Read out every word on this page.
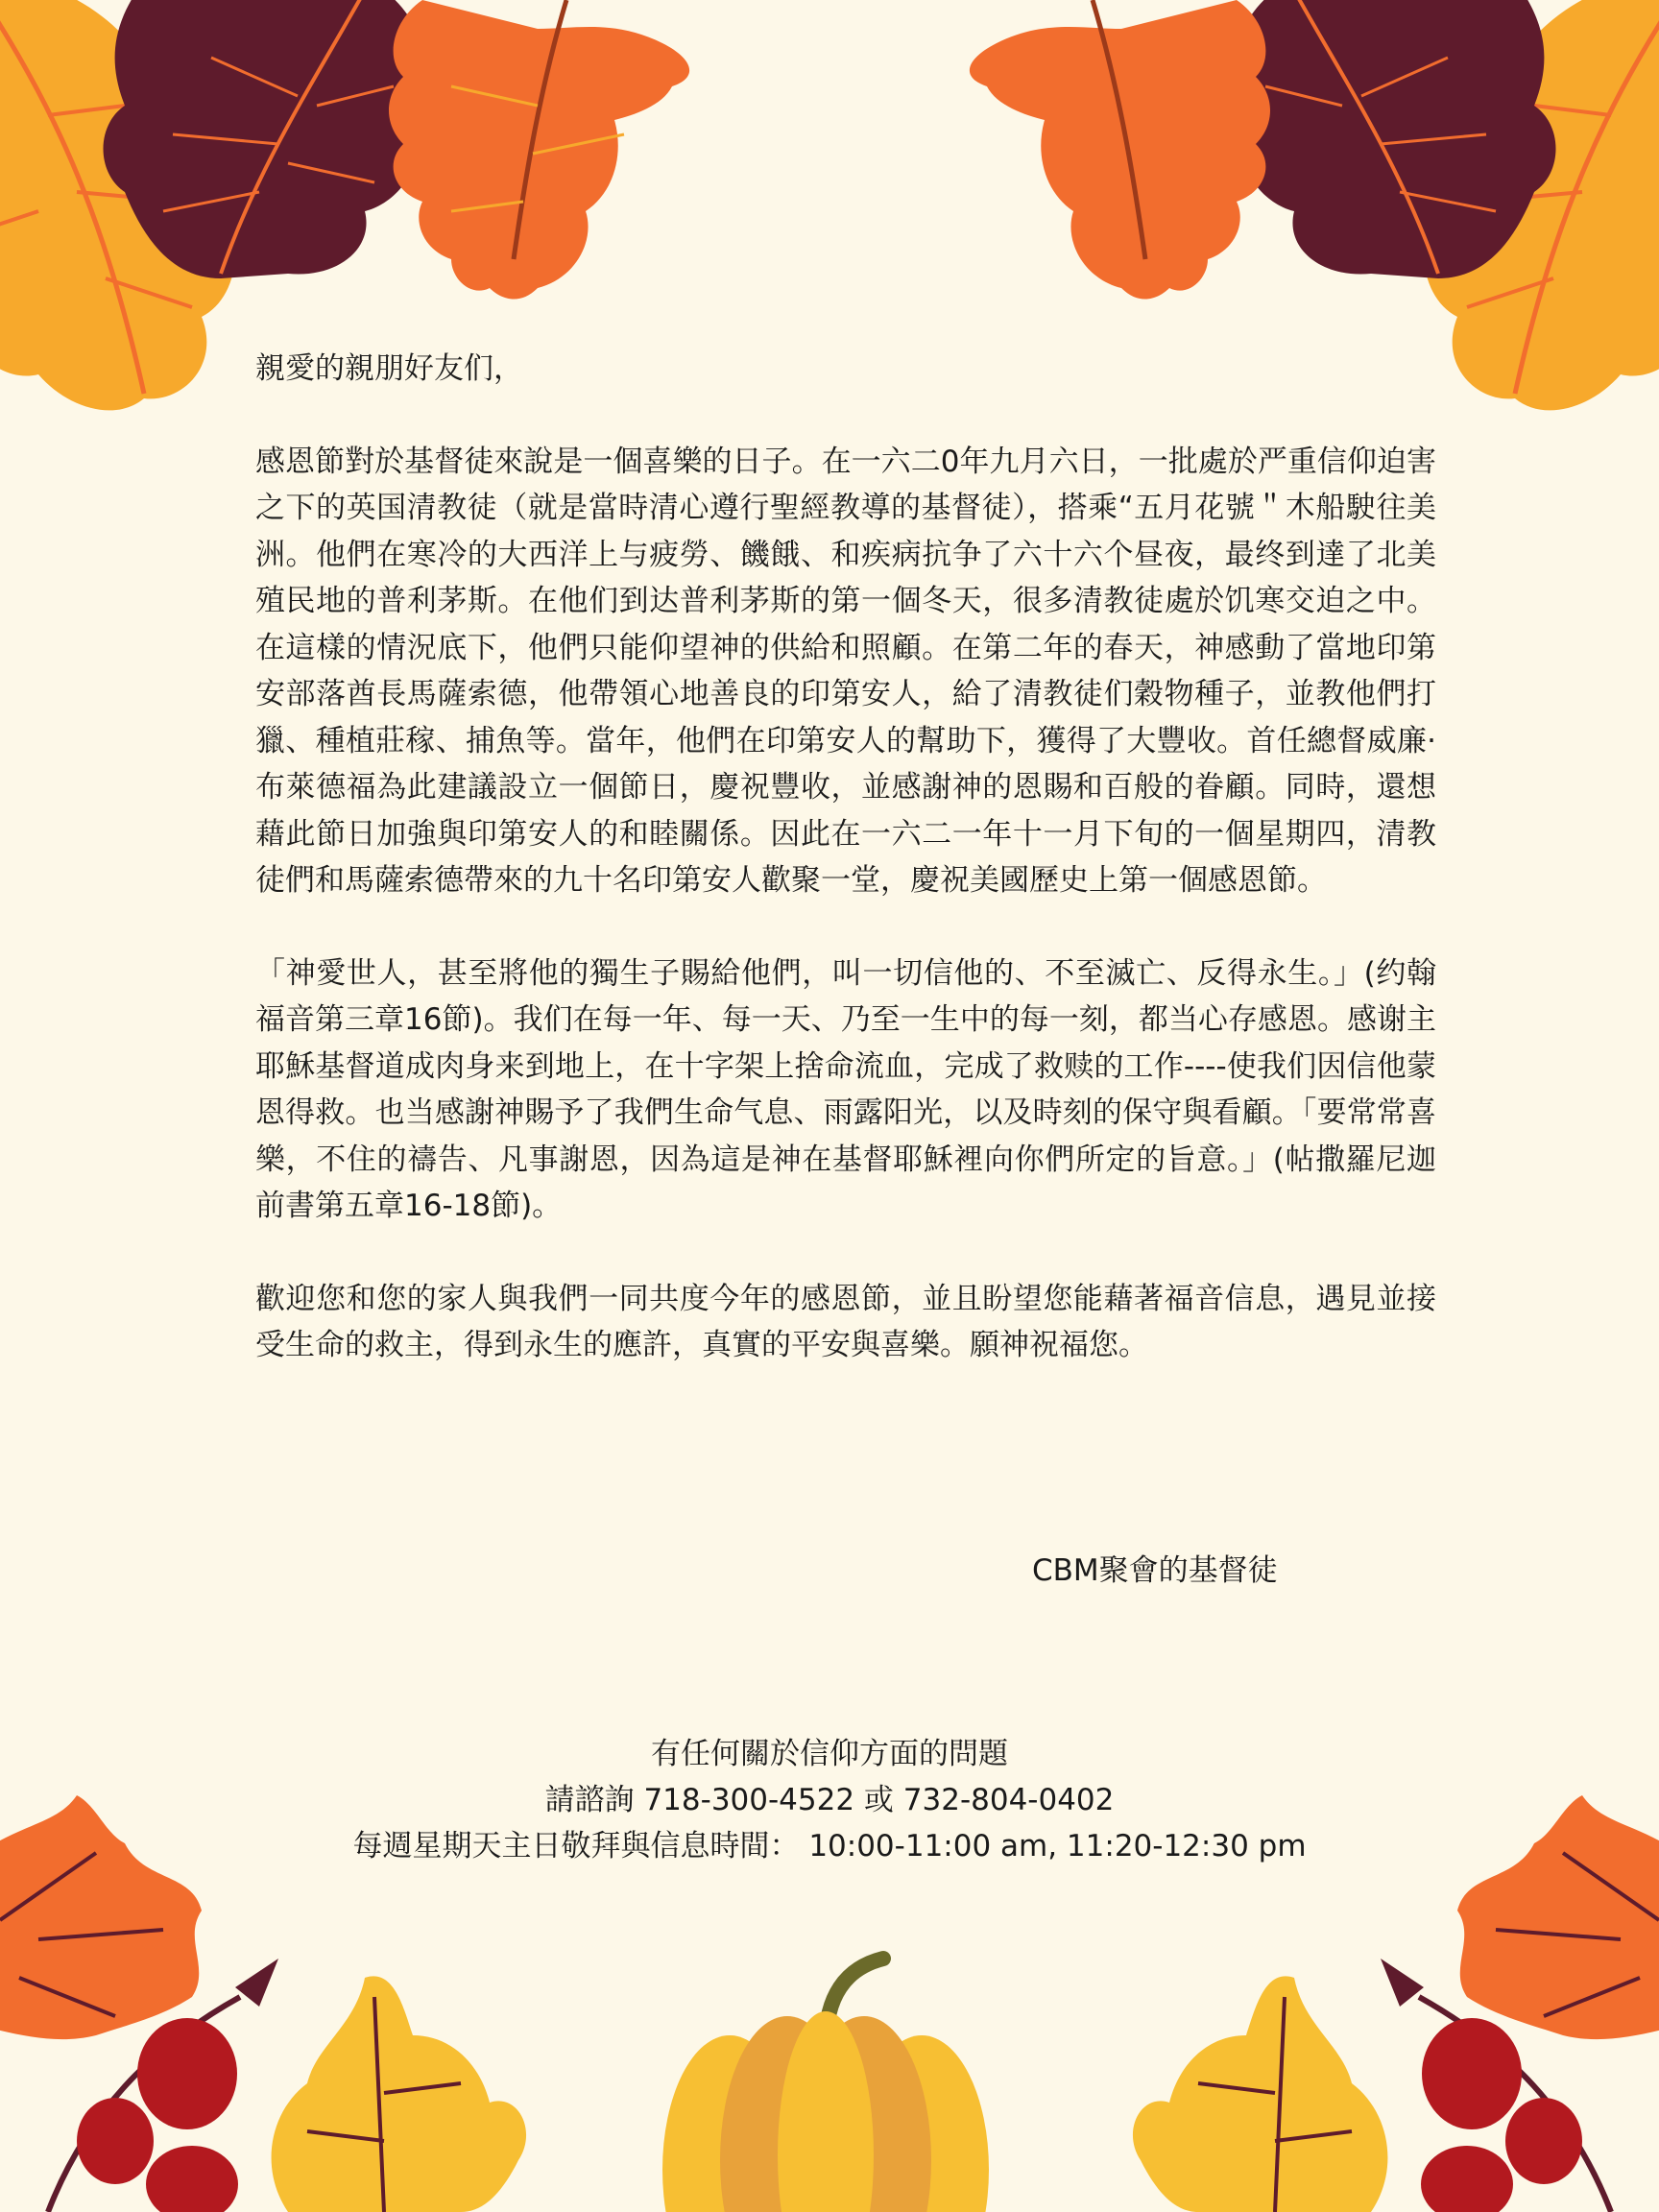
親愛的親朋好友们，

感恩節對於基督徒來說是一個喜樂的日子。在一六二0年九月六日，一批處於严重信仰迫害之下的英国清教徒（就是當時清心遵行聖經教導的基督徒），搭乘“五月花號＂木船駛往美洲。他們在寒冷的大西洋上与疲勞、饑餓、和疾病抗争了六十六个昼夜，最终到達了北美殖民地的普利茅斯。在他们到达普利茅斯的第一個冬天，很多清教徒處於饥寒交迫之中。在這樣的情況底下，他們只能仰望神的供給和照顧。在第二年的春天，神感動了當地印第安部落酋長馬薩索德，他帶領心地善良的印第安人，給了清教徒们穀物種子，並教他們打獵、種植莊稼、捕魚等。當年，他們在印第安人的幫助下，獲得了大豐收。首任總督威廉·布萊德福為此建議設立一個節日，慶祝豐收，並感謝神的恩賜和百般的眷顧。同時，還想藉此節日加強與印第安人的和睦關係。因此在一六二一年十一月下旬的一個星期四，清教徒們和馬薩索德帶來的九十名印第安人歡聚一堂，慶祝美國歷史上第一個感恩節。

「神愛世人，甚至將他的獨生子賜給他們，叫一切信他的、不至滅亡、反得永生。」(约翰福音第三章16節)。我们在每一年、每一天、乃至一生中的每一刻，都当心存感恩。感谢主耶穌基督道成肉身来到地上，在十字架上捨命流血，完成了救赎的工作----使我们因信他蒙恩得救。也当感謝神賜予了我們生命气息、雨露阳光，以及時刻的保守與看顧。「要常常喜樂，不住的禱告、凡事謝恩，因為這是神在基督耶穌裡向你們所定的旨意。」(帖撒羅尼迦前書第五章16-18節)。

歡迎您和您的家人與我們一同共度今年的感恩節，並且盼望您能藉著福音信息，遇見並接受生命的救主，得到永生的應許，真實的平安與喜樂。願神祝福您。

CBM聚會的基督徒
有任何關於信仰方面的問題
請諮詢 718-300-4522 或 732-804-0402
每週星期天主日敬拜與信息時間： 10:00-11:00 am, 11:20-12:30 pm
